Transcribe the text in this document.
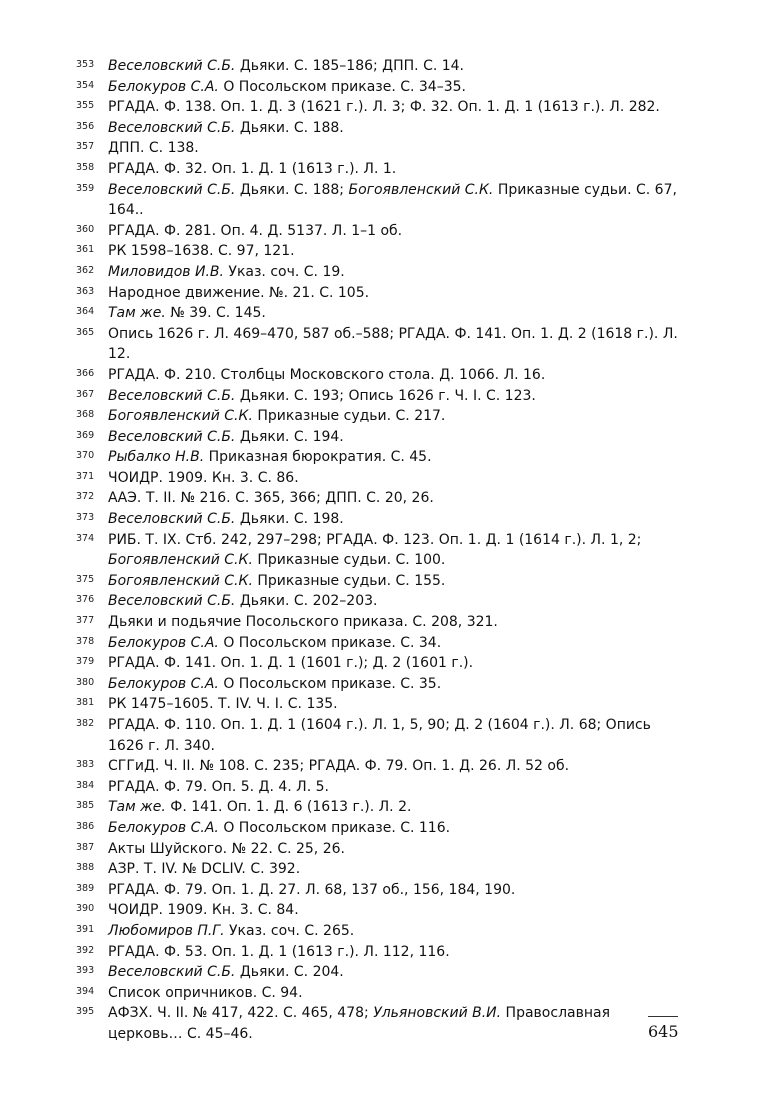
353 Веселовский С.Б. Дьяки. С. 185–186; ДПП. С. 14.
354 Белокуров С.А. О Посольском приказе. С. 34–35.
355 РГАДА. Ф. 138. Оп. 1. Д. 3 (1621 г.). Л. 3; Ф. 32. Оп. 1. Д. 1 (1613 г.). Л. 282.
356 Веселовский С.Б. Дьяки. С. 188.
357 ДПП. С. 138.
358 РГАДА. Ф. 32. Оп. 1. Д. 1 (1613 г.). Л. 1.
359 Веселовский С.Б. Дьяки. С. 188; Богоявленский С.К. Приказные судьи. С. 67, 164..
360 РГАДА. Ф. 281. Оп. 4. Д. 5137. Л. 1–1 об.
361 РК 1598–1638. С. 97, 121.
362 Миловидов И.В. Указ. соч. С. 19.
363 Народное движение. №. 21. С. 105.
364 Там же. № 39. С. 145.
365 Опись 1626 г. Л. 469–470, 587 об.–588; РГАДА. Ф. 141. Оп. 1. Д. 2 (1618 г.). Л. 12.
366 РГАДА. Ф. 210. Столбцы Московского стола. Д. 1066. Л. 16.
367 Веселовский С.Б. Дьяки. С. 193; Опись 1626 г. Ч. I. С. 123.
368 Богоявленский С.К. Приказные судьи. С. 217.
369 Веселовский С.Б. Дьяки. С. 194.
370 Рыбалко Н.В. Приказная бюрократия. С. 45.
371 ЧОИДР. 1909. Кн. 3. С. 86.
372 ААЭ. Т. II. № 216. С. 365, 366; ДПП. С. 20, 26.
373 Веселовский С.Б. Дьяки. С. 198.
374 РИБ. Т. IX. Стб. 242, 297–298; РГАДА. Ф. 123. Оп. 1. Д. 1 (1614 г.). Л. 1, 2; Богоявленский С.К. Приказные судьи. С. 100.
375 Богоявленский С.К. Приказные судьи. С. 155.
376 Веселовский С.Б. Дьяки. С. 202–203.
377 Дьяки и подьячие Посольского приказа. С. 208, 321.
378 Белокуров С.А. О Посольском приказе. С. 34.
379 РГАДА. Ф. 141. Оп. 1. Д. 1 (1601 г.); Д. 2 (1601 г.).
380 Белокуров С.А. О Посольском приказе. С. 35.
381 РК 1475–1605. Т. IV. Ч. I. С. 135.
382 РГАДА. Ф. 110. Оп. 1. Д. 1 (1604 г.). Л. 1, 5, 90; Д. 2 (1604 г.). Л. 68; Опись 1626 г. Л. 340.
383 СГГиД. Ч. II. № 108. С. 235; РГАДА. Ф. 79. Оп. 1. Д. 26. Л. 52 об.
384 РГАДА. Ф. 79. Оп. 5. Д. 4. Л. 5.
385 Там же. Ф. 141. Оп. 1. Д. 6 (1613 г.). Л. 2.
386 Белокуров С.А. О Посольском приказе. С. 116.
387 Акты Шуйского. № 22. С. 25, 26.
388 АЗР. Т. IV. № DCLIV. С. 392.
389 РГАДА. Ф. 79. Оп. 1. Д. 27. Л. 68, 137 об., 156, 184, 190.
390 ЧОИДР. 1909. Кн. 3. С. 84.
391 Любомиров П.Г. Указ. соч. С. 265.
392 РГАДА. Ф. 53. Оп. 1. Д. 1 (1613 г.). Л. 112, 116.
393 Веселовский С.Б. Дьяки. С. 204.
394 Список опричников. С. 94.
395 АФЗХ. Ч. II. № 417, 422. С. 465, 478; Ульяновский В.И. Православная церковь… С. 45–46.	645
